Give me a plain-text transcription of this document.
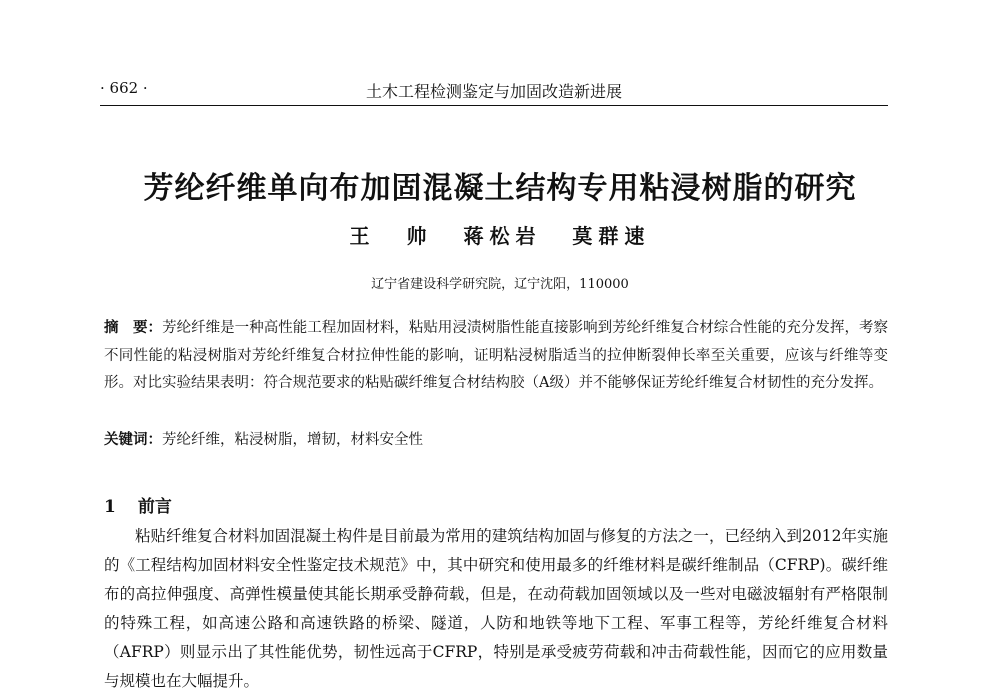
· 662 ·	土木工程检测鉴定与加固改造新进展
芳纶纤维单向布加固混凝土结构专用粘浸树脂的研究
王 帅 蒋松岩 莫群速
辽宁省建设科学研究院，辽宁沈阳，110000

摘　要：芳纶纤维是一种高性能工程加固材料，粘贴用浸渍树脂性能直接影响到芳纶纤维复合材综合性能的充分发挥，考察不同性能的粘浸树脂对芳纶纤维复合材拉伸性能的影响，证明粘浸树脂适当的拉伸断裂伸长率至关重要，应该与纤维等变形。对比实验结果表明：符合规范要求的粘贴碳纤维复合材结构胶（A级）并不能够保证芳纶纤维复合材韧性的充分发挥。

关键词：芳纶纤维，粘浸树脂，增韧，材料安全性

1 前言

粘贴纤维复合材料加固混凝土构件是目前最为常用的建筑结构加固与修复的方法之一，已经纳入到2012年实施的《工程结构加固材料安全性鉴定技术规范》中，其中研究和使用最多的纤维材料是碳纤维制品（CFRP)。碳纤维布的高拉伸强度、高弹性模量使其能长期承受静荷载，但是，在动荷载加固领域以及一些对电磁波辐射有严格限制的特殊工程，如高速公路和高速铁路的桥梁、隧道，人防和地铁等地下工程、军事工程等，芳纶纤维复合材料（AFRP）则显示出了其性能优势，韧性远高于CFRP，特别是承受疲劳荷载和冲击荷载性能，因而它的应用数量与规模也在大幅提升。
